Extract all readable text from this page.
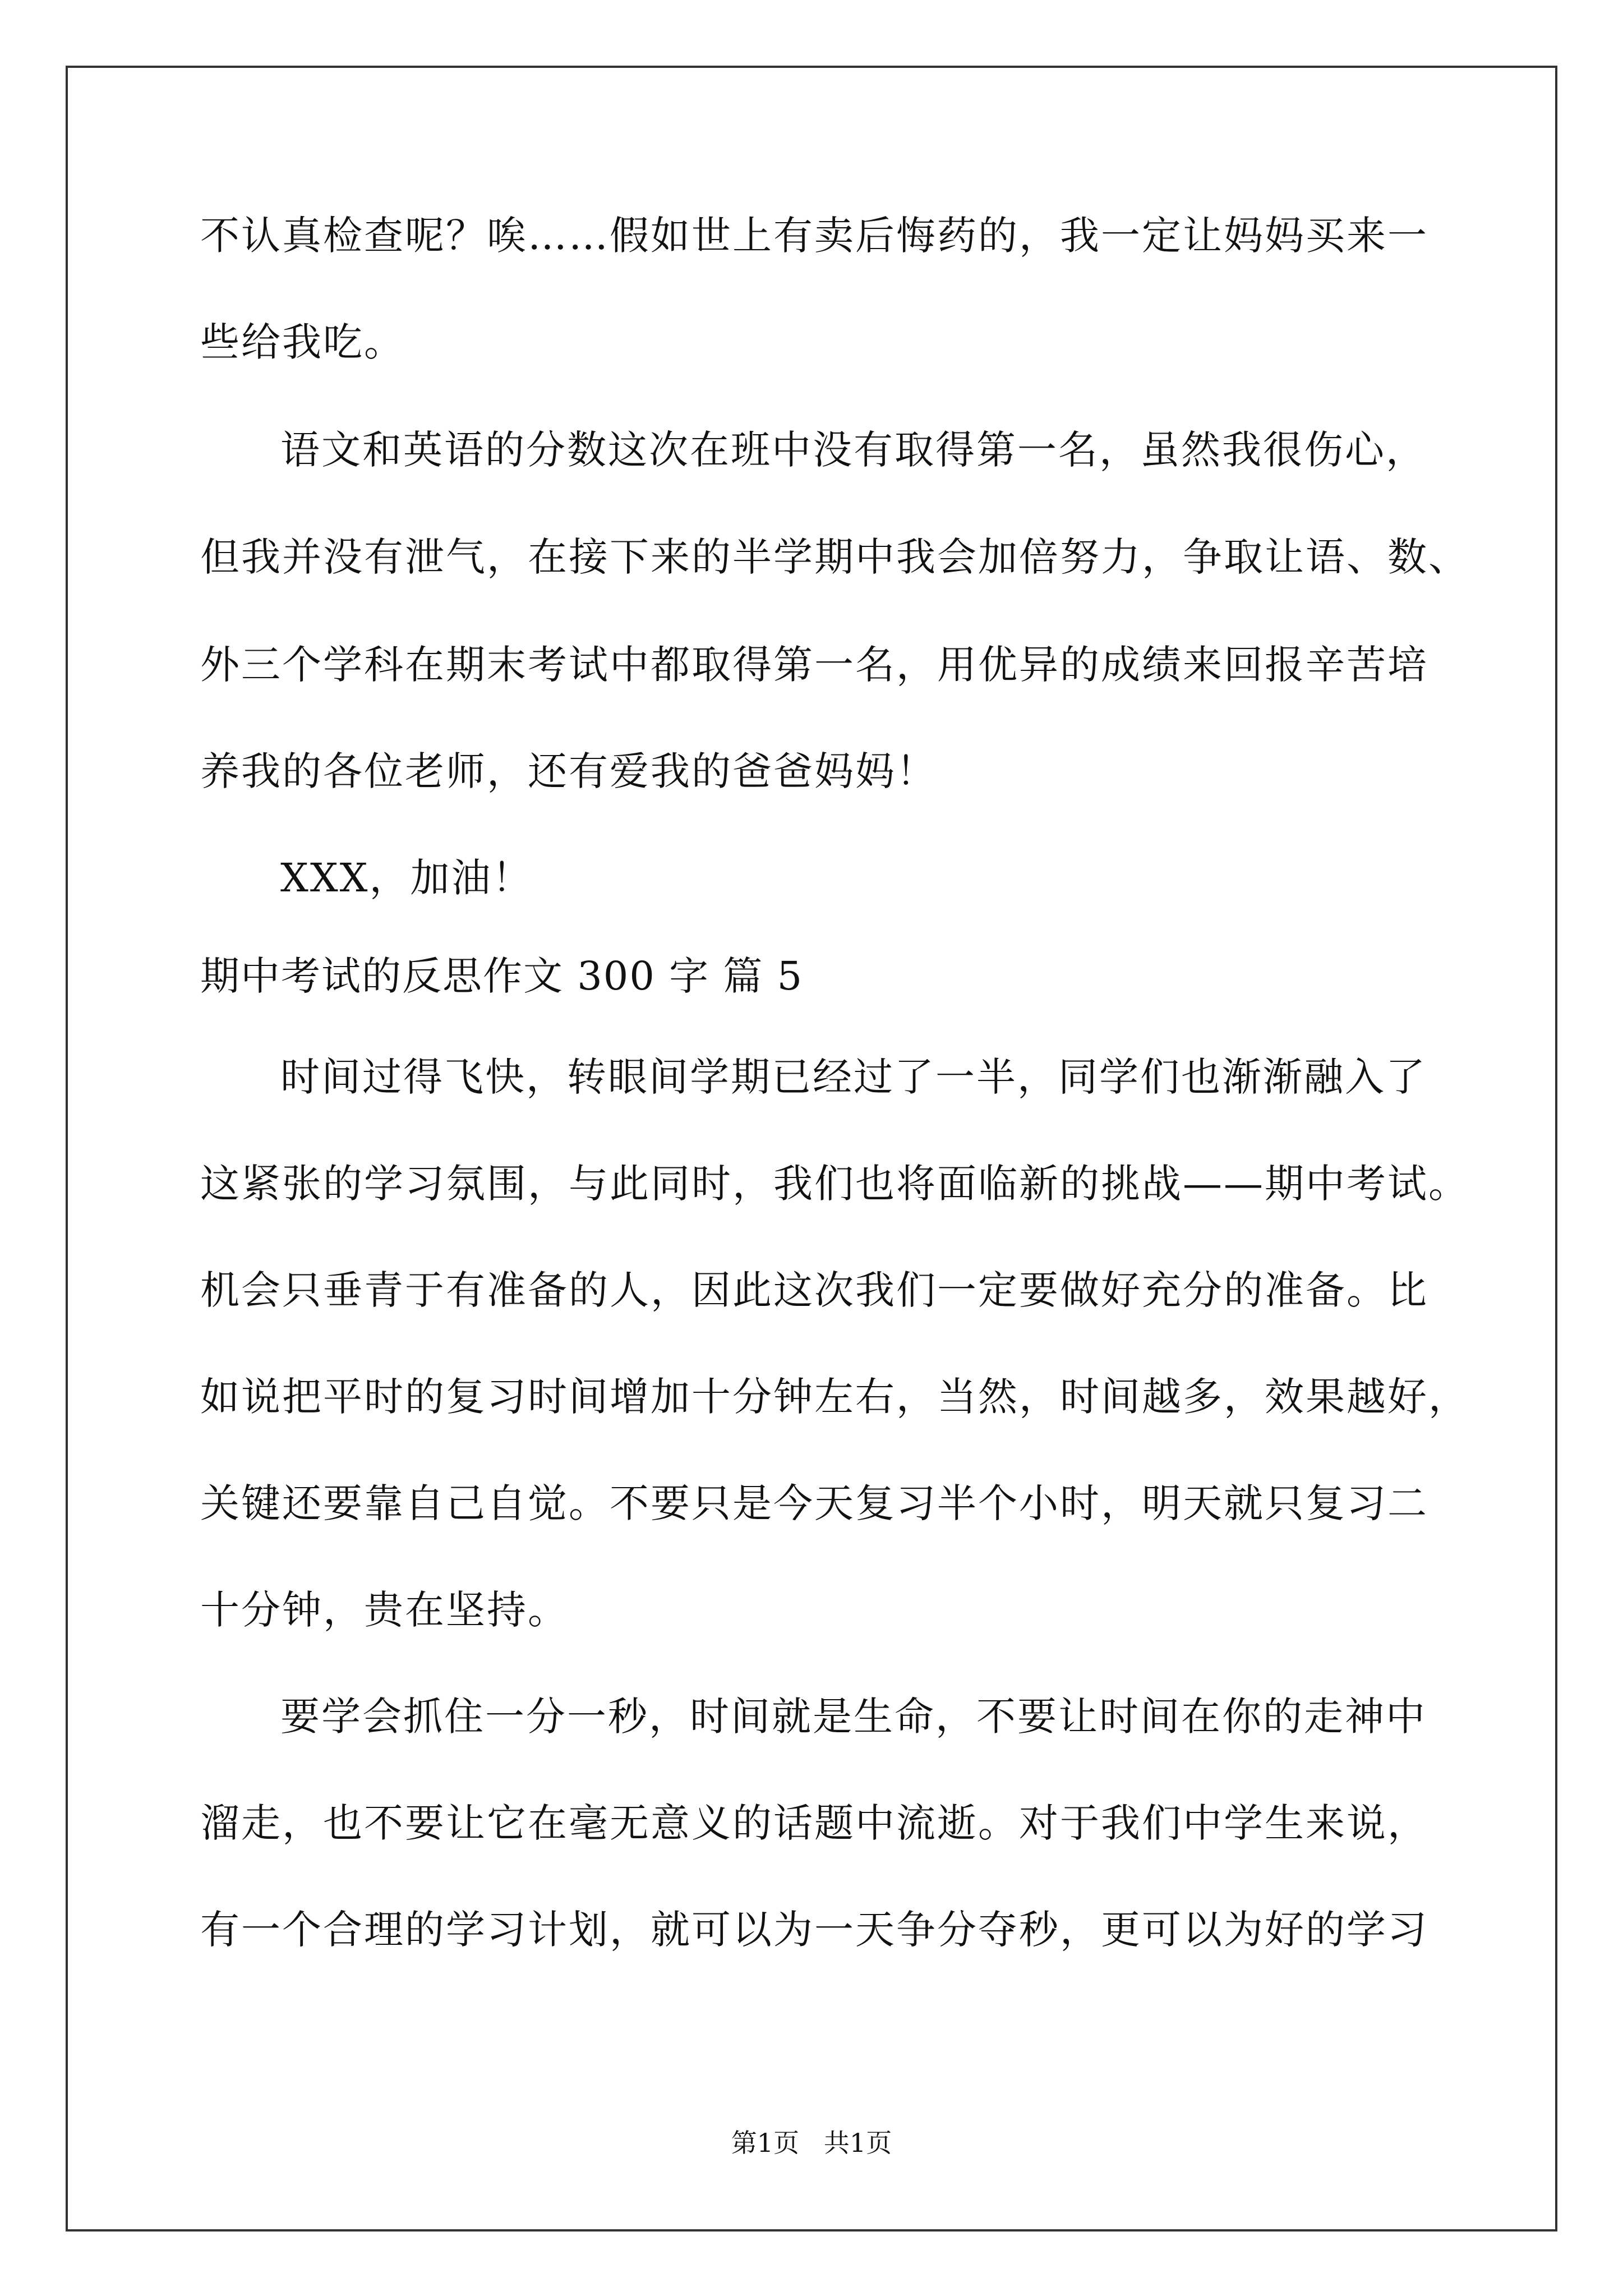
不认真检查呢？唉……假如世上有卖后悔药的，我一定让妈妈买来一
些给我吃。
语文和英语的分数这次在班中没有取得第一名，虽然我很伤心，
但我并没有泄气，在接下来的半学期中我会加倍努力，争取让语、数、
外三个学科在期末考试中都取得第一名，用优异的成绩来回报辛苦培
养我的各位老师，还有爱我的爸爸妈妈！
XXX，加油！
期中考试的反思作文 300 字 篇 5
时间过得飞快，转眼间学期已经过了一半，同学们也渐渐融入了
这紧张的学习氛围，与此同时，我们也将面临新的挑战——期中考试。
机会只垂青于有准备的人，因此这次我们一定要做好充分的准备。比
如说把平时的复习时间增加十分钟左右，当然，时间越多，效果越好，
关键还要靠自己自觉。不要只是今天复习半个小时，明天就只复习二
十分钟，贵在坚持。
要学会抓住一分一秒，时间就是生命，不要让时间在你的走神中
溜走，也不要让它在毫无意义的话题中流逝。对于我们中学生来说，
有一个合理的学习计划，就可以为一天争分夺秒，更可以为好的学习
第1页   共1页
